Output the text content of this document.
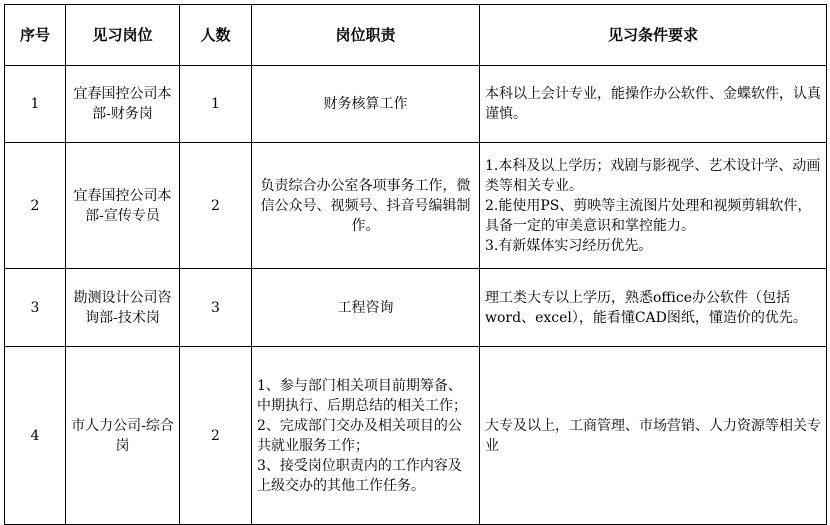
序号	见习岗位	人数	岗位职责	见习条件要求

1	宜春国控公司本部-财务岗	1	财务核算工作	本科以上会计专业，能操作办公软件、金蝶软件，认真谨慎。

2	宜春国控公司本部-宣传专员	2	负责综合办公室各项事务工作，微信公众号、视频号、抖音号编辑制作。	1.本科及以上学历；戏剧与影视学、艺术设计学、动画类等相关专业。
2.能使用PS、剪映等主流图片处理和视频剪辑软件，具备一定的审美意识和掌控能力。
3.有新媒体实习经历优先。

3	勘测设计公司咨询部-技术岗	3	工程咨询	理工类大专以上学历，熟悉office办公软件（包括word、excel），能看懂CAD图纸，懂造价的优先。

4	市人力公司-综合岗	2	1、参与部门相关项目前期筹备、中期执行、后期总结的相关工作；
2、完成部门交办及相关项目的公共就业服务工作；
3、接受岗位职责内的工作内容及上级交办的其他工作任务。	大专及以上，工商管理、市场营销、人力资源等相关专业
